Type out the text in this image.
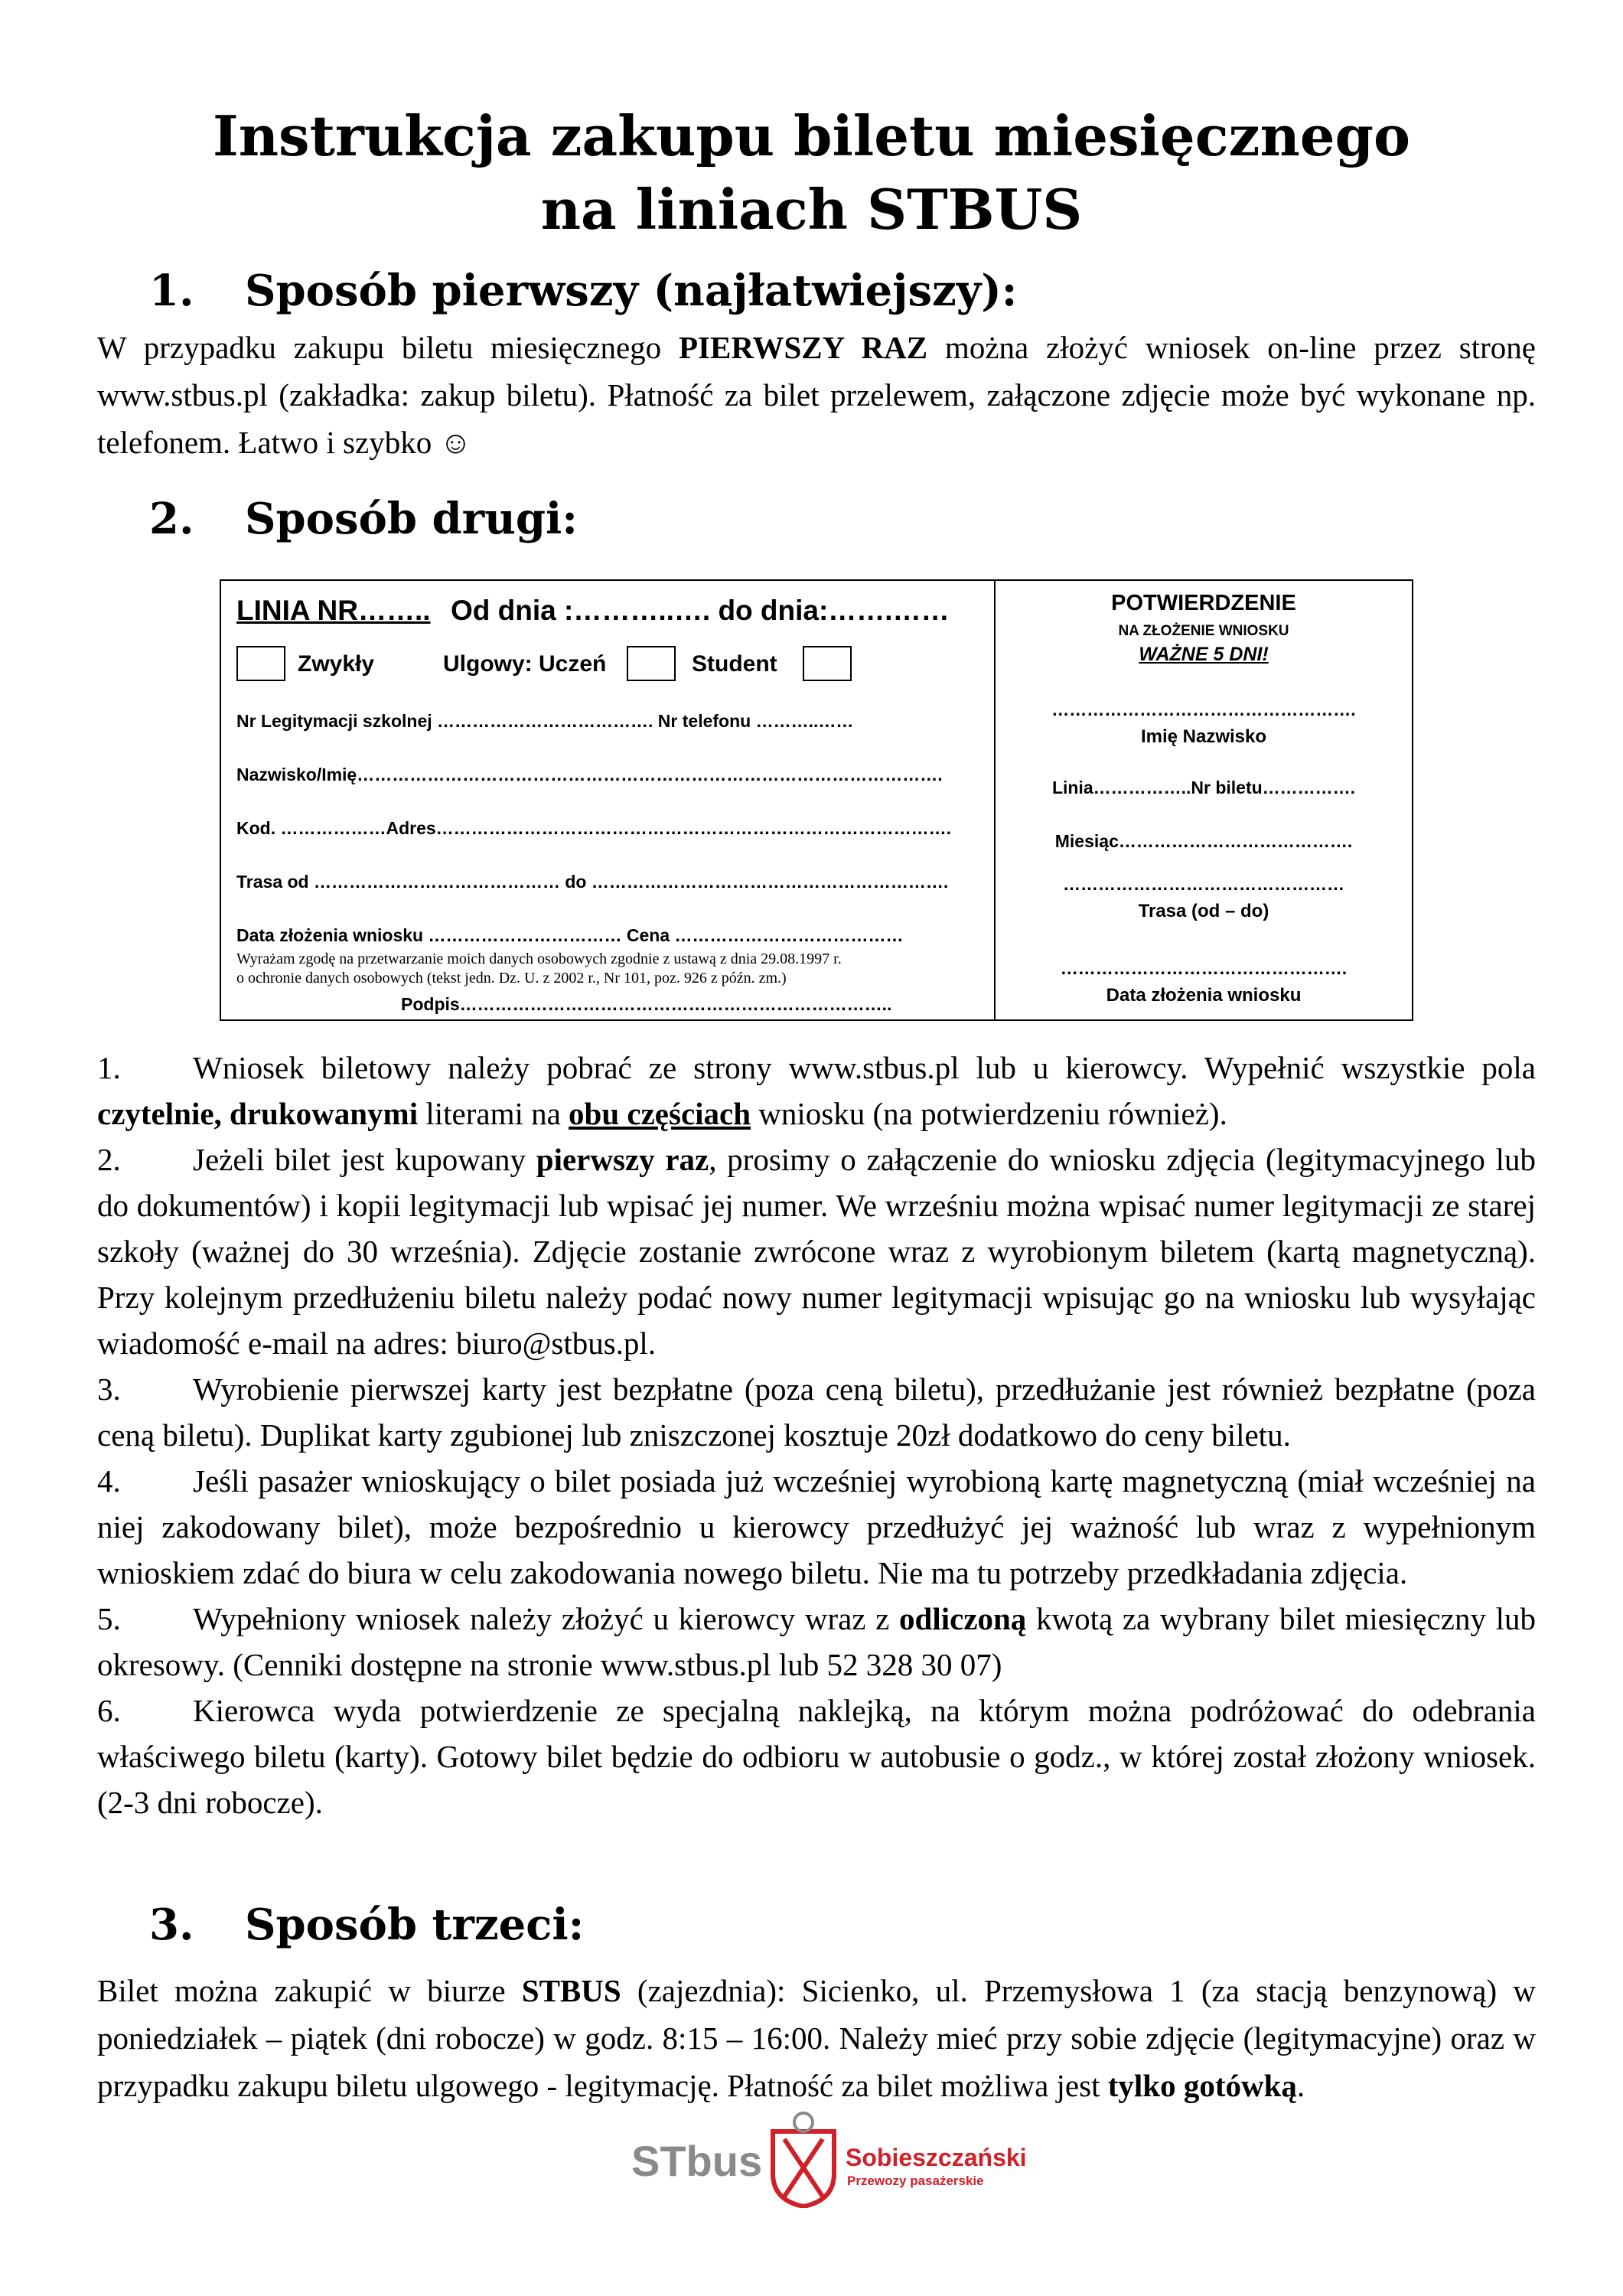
Instrukcja zakupu biletu miesięcznego
na liniach STBUS
1. Sposób pierwszy (najłatwiejszy):
W przypadku zakupu biletu miesięcznego PIERWSZY RAZ można złożyć wniosek on-line przez stronę www.stbus.pl (zakładka: zakup biletu). Płatność za bilet przelewem, załączone zdjęcie może być wykonane np. telefonem. Łatwo i szybko ☺
2. Sposób drugi:
LINIA NR…….. Od dnia :………..…. do dnia:…….……
Zwykły	Ulgowy: Uczeń	Student
Nr Legitymacji szkolnej ………………………………. Nr telefonu ………..……
Nazwisko/Imię……………………………………………………………………………………….
Kod. ………………Adres…………………………………………………………………………….
Trasa od …………………………………… do …………………………………………………….
Data złożenia wniosku …………………………… Cena …………………………………
Wyrażam zgodę na przetwarzanie moich danych osobowych zgodnie z ustawą z dnia 29.08.1997 r.
o ochronie danych osobowych (tekst jedn. Dz. U. z 2002 r., Nr 101, poz. 926 z późn. zm.)
Podpis………………………………………………………………..
POTWIERDZENIE
NA ZŁOŻENIE WNIOSKU
WAŻNE 5 DNI!
…………………………………………….
Imię Nazwisko
Linia……………..Nr biletu…………….
Miesiąc………………………………….
…………………………………………
Trasa (od – do)
………………………………………….
Data złożenia wniosku
1. Wniosek biletowy należy pobrać ze strony www.stbus.pl lub u kierowcy. Wypełnić wszystkie pola czytelnie, drukowanymi literami na obu częściach wniosku (na potwierdzeniu również).
2. Jeżeli bilet jest kupowany pierwszy raz, prosimy o załączenie do wniosku zdjęcia (legitymacyjnego lub do dokumentów) i kopii legitymacji lub wpisać jej numer. We wrześniu można wpisać numer legitymacji ze starej szkoły (ważnej do 30 września). Zdjęcie zostanie zwrócone wraz z wyrobionym biletem (kartą magnetyczną). Przy kolejnym przedłużeniu biletu należy podać nowy numer legitymacji wpisując go na wniosku lub wysyłając wiadomość e-mail na adres: biuro@stbus.pl.
3. Wyrobienie pierwszej karty jest bezpłatne (poza ceną biletu), przedłużanie jest również bezpłatne (poza ceną biletu). Duplikat karty zgubionej lub zniszczonej kosztuje 20zł dodatkowo do ceny biletu.
4. Jeśli pasażer wnioskujący o bilet posiada już wcześniej wyrobioną kartę magnetyczną (miał wcześniej na niej zakodowany bilet), może bezpośrednio u kierowcy przedłużyć jej ważność lub wraz z wypełnionym wnioskiem zdać do biura w celu zakodowania nowego biletu. Nie ma tu potrzeby przedkładania zdjęcia.
5. Wypełniony wniosek należy złożyć u kierowcy wraz z odliczoną kwotą za wybrany bilet miesięczny lub okresowy. (Cenniki dostępne na stronie www.stbus.pl lub 52 328 30 07)
6. Kierowca wyda potwierdzenie ze specjalną naklejką, na którym można podróżować do odebrania właściwego biletu (karty). Gotowy bilet będzie do odbioru w autobusie o godz., w której został złożony wniosek. (2-3 dni robocze).
3. Sposób trzeci:
Bilet można zakupić w biurze STBUS (zajezdnia): Sicienko, ul. Przemysłowa 1 (za stacją benzynową) w poniedziałek – piątek (dni robocze) w godz. 8:15 – 16:00. Należy mieć przy sobie zdjęcie (legitymacyjne) oraz w przypadku zakupu biletu ulgowego - legitymację. Płatność za bilet możliwa jest tylko gotówką.
STbus	Sobieszczański
Przewozy pasażerskie
